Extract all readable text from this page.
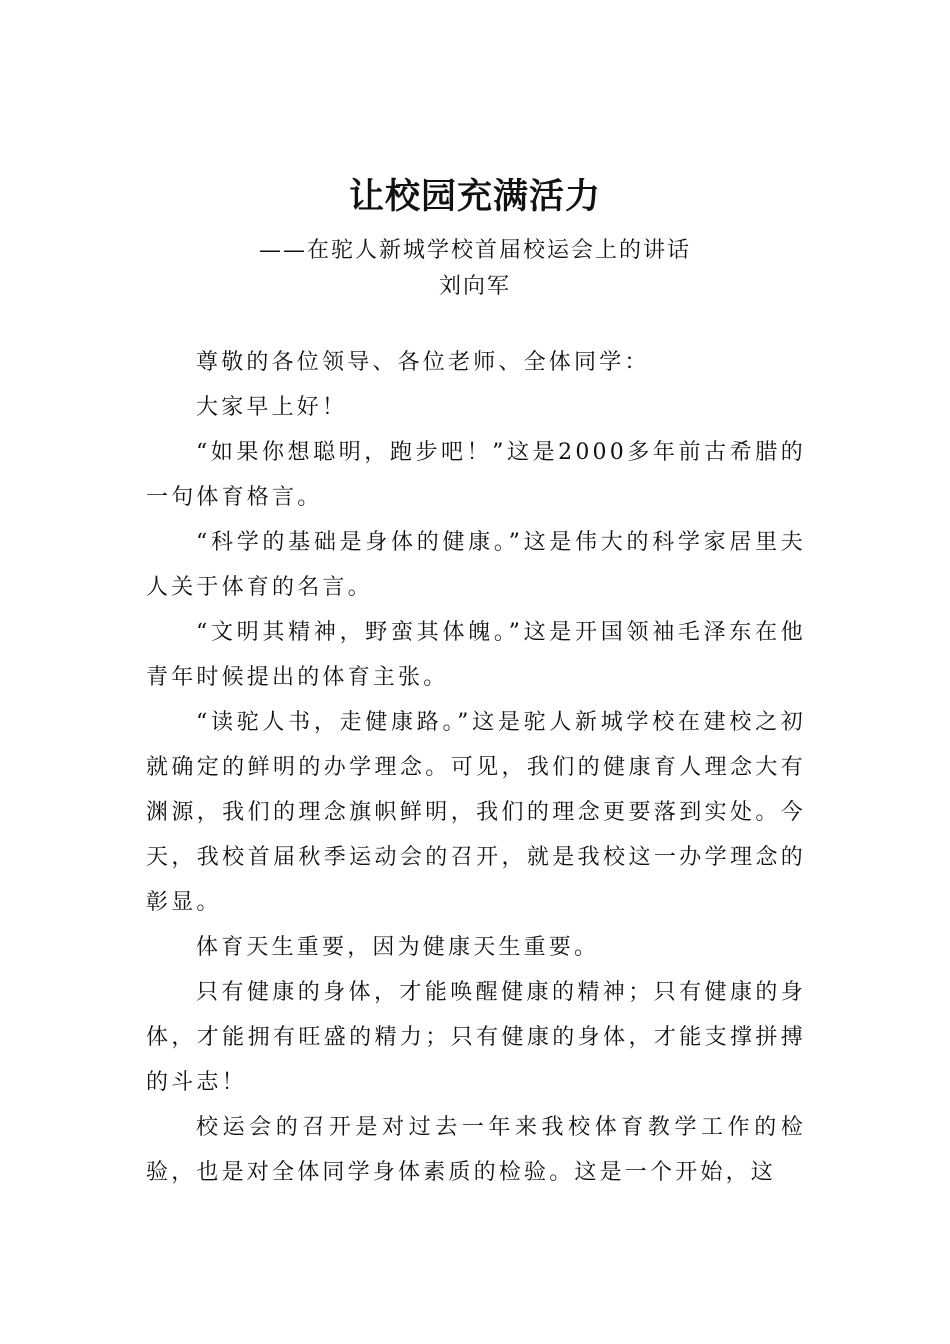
让校园充满活力
——在驼人新城学校首届校运会上的讲话
刘向军

尊敬的各位领导、各位老师、全体同学：

大家早上好！

“如果你想聪明，跑步吧！”这是2000多年前古希腊的一句体育格言。

“科学的基础是身体的健康。”这是伟大的科学家居里夫人关于体育的名言。

“文明其精神，野蛮其体魄。”这是开国领袖毛泽东在他青年时候提出的体育主张。

“读驼人书，走健康路。”这是驼人新城学校在建校之初就确定的鲜明的办学理念。可见，我们的健康育人理念大有渊源，我们的理念旗帜鲜明，我们的理念更要落到实处。今天，我校首届秋季运动会的召开，就是我校这一办学理念的彰显。

体育天生重要，因为健康天生重要。

只有健康的身体，才能唤醒健康的精神；只有健康的身体，才能拥有旺盛的精力；只有健康的身体，才能支撑拼搏的斗志！

校运会的召开是对过去一年来我校体育教学工作的检验，也是对全体同学身体素质的检验。这是一个开始，这
